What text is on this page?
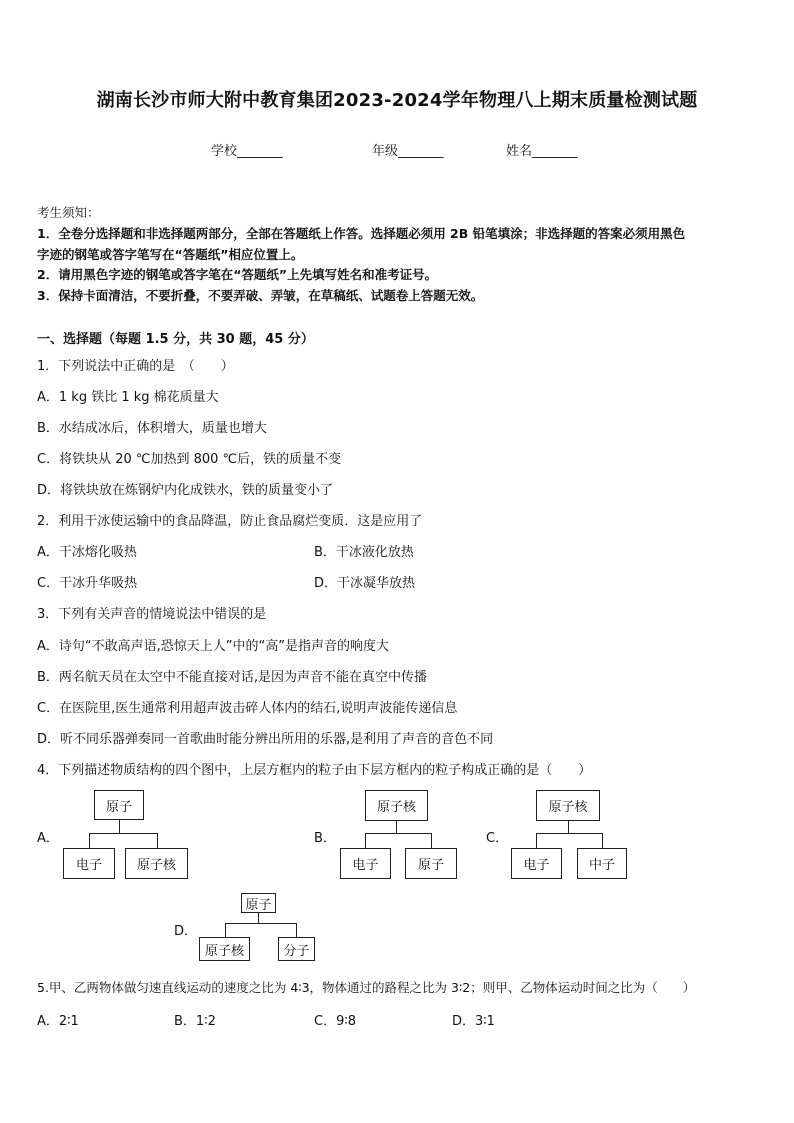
湖南长沙市师大附中教育集团2023-2024学年物理八上期末质量检测试题
学校_______	年级_______	姓名_______
考生须知：
1．全卷分选择题和非选择题两部分，全部在答题纸上作答。选择题必须用 2B 铅笔填涂；非选择题的答案必须用黑色
字迹的钢笔或答字笔写在“答题纸”相应位置上。
2．请用黑色字迹的钢笔或答字笔在“答题纸”上先填写姓名和准考证号。
3．保持卡面清洁，不要折叠，不要弄破、弄皱，在草稿纸、试题卷上答题无效。
一、选择题（每题 1.5 分，共 30 题，45 分）
1．下列说法中正确的是　（　　）
A．1 kg 铁比 1 kg 棉花质量大
B．水结成冰后，体积增大，质量也增大
C．将铁块从 20 ℃加热到 800 ℃后，铁的质量不变
D．将铁块放在炼钢炉内化成铁水，铁的质量变小了
2．利用干冰使运输中的食品降温，防止食品腐烂变质．这是应用了
A．干冰熔化吸热	B．干冰液化放热
C．干冰升华吸热	D．干冰凝华放热
3．下列有关声音的情境说法中错误的是
A．诗句“不敢高声语,恐惊天上人”中的“高”是指声音的响度大
B．两名航天员在太空中不能直接对话,是因为声音不能在真空中传播
C．在医院里,医生通常利用超声波击碎人体内的结石,说明声波能传递信息
D．听不同乐器弹奏同一首歌曲时能分辨出所用的乐器,是利用了声音的音色不同
4．下列描述物质结构的四个图中，上层方框内的粒子由下层方框内的粒子构成正确的是（　　）
A．
原子
电子	原子核
B．
原子核
电子	原子
C．
原子核
电子	中子
D．
原子
原子核	分子
5.甲、乙两物体做匀速直线运动的速度之比为 4∶3，物体通过的路程之比为 3∶2；则甲、乙物体运动时间之比为（　　）
A．2∶1	B．1∶2	C．9∶8	D．3∶1
